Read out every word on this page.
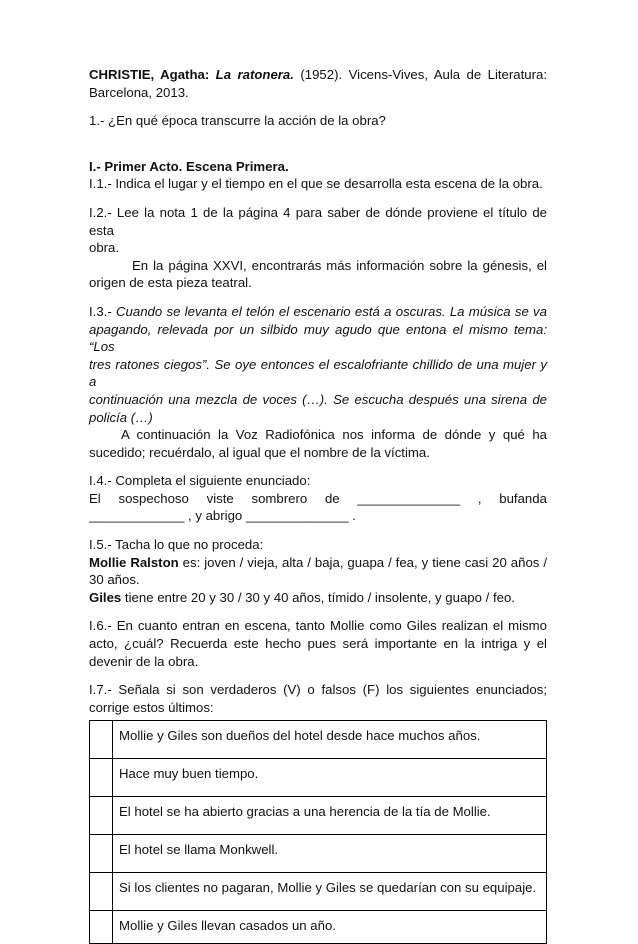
CHRISTIE, Agatha: La ratonera. (1952). Vicens-Vives, Aula de Literatura:

Barcelona, 2013.

1.- ¿En qué época transcurre la acción de la obra?

I.- Primer Acto. Escena Primera.

I.1.- Indica el lugar y el tiempo en el que se desarrolla esta escena de la obra.

I.2.- Lee la nota 1 de la página 4 para saber de dónde proviene el título de esta

obra.

En la página XXVI, encontrarás más información sobre la génesis, el

origen de esta pieza teatral.

I.3.- Cuando se levanta el telón el escenario está a oscuras. La música se va

apagando, relevada por un silbido muy agudo que entona el mismo tema: “Los

tres ratones ciegos”. Se oye entonces el escalofriante chillido de una mujer y a

continuación una mezcla de voces (…). Se escucha después una sirena de

policía (…)

A continuación la Voz Radiofónica nos informa de dónde y qué ha

sucedido; recuérdalo, al igual que el nombre de la víctima.

I.4.- Completa el siguiente enunciado:

El sospechoso viste sombrero de ______________ , bufanda

_____________ , y abrigo ______________ .

I.5.- Tacha lo que no proceda:

Mollie Ralston es: joven / vieja, alta / baja, guapa / fea, y tiene casi 20 años /

30 años.

Giles tiene entre 20 y 30 / 30 y 40 años, tímido / insolente, y guapo / feo.

I.6.- En cuanto entran en escena, tanto Mollie como Giles realizan el mismo

acto, ¿cuál? Recuerda este hecho pues será importante en la intriga y el

devenir de la obra.

I.7.- Señala si son verdaderos (V) o falsos (F) los siguientes enunciados;

corrige estos últimos:

	Mollie y Giles son dueños del hotel desde hace muchos años.
	Hace muy buen tiempo.
	El hotel se ha abierto gracias a una herencia de la tía de Mollie.
	El hotel se llama Monkwell.
	Si los clientes no pagaran, Mollie y Giles se quedarían con su equipaje.
	Mollie y Giles llevan casados un año.
